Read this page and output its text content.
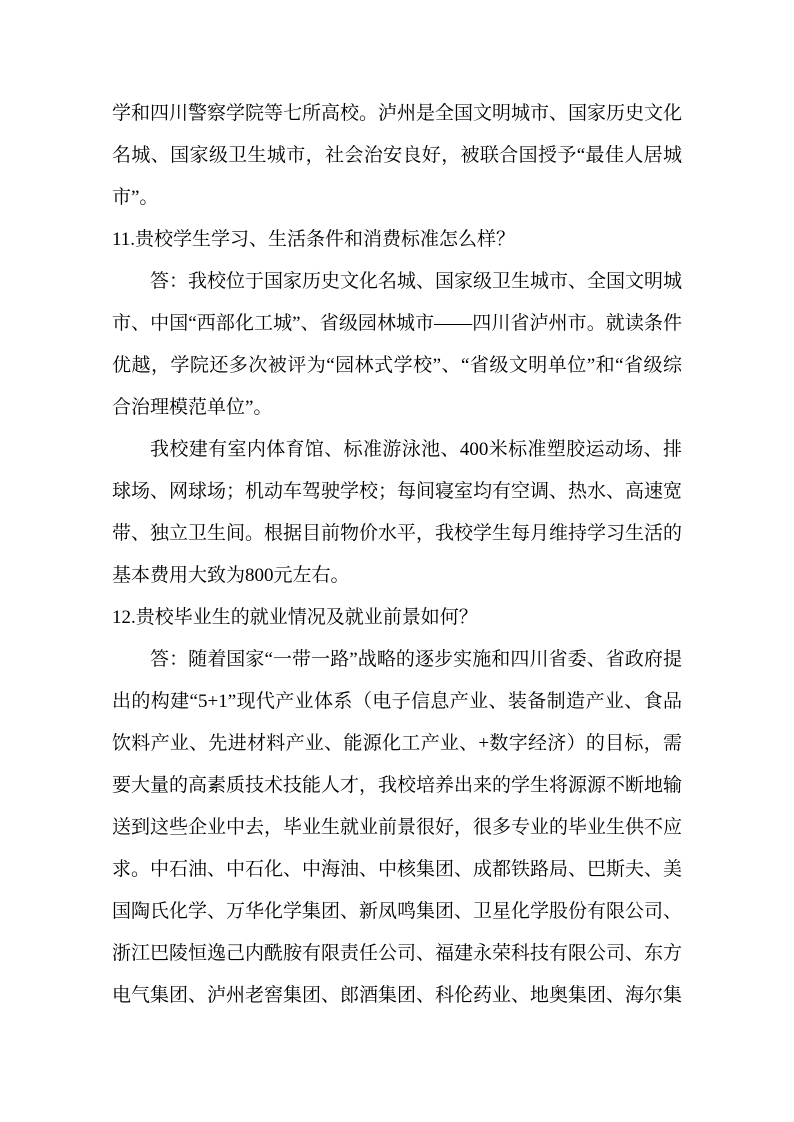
学和四川警察学院等七所高校。泸州是全国文明城市、国家历史文化名城、国家级卫生城市，社会治安良好，被联合国授予“最佳人居城市”。

11.贵校学生学习、生活条件和消费标准怎么样？

答：我校位于国家历史文化名城、国家级卫生城市、全国文明城市、中国“西部化工城”、省级园林城市——四川省泸州市。就读条件优越，学院还多次被评为“园林式学校”、“省级文明单位”和“省级综合治理模范单位”。

我校建有室内体育馆、标准游泳池、400米标准塑胶运动场、排球场、网球场；机动车驾驶学校；每间寝室均有空调、热水、高速宽带、独立卫生间。根据目前物价水平，我校学生每月维持学习生活的基本费用大致为800元左右。

12.贵校毕业生的就业情况及就业前景如何？

答：随着国家“一带一路”战略的逐步实施和四川省委、省政府提出的构建“5+1”现代产业体系（电子信息产业、装备制造产业、食品饮料产业、先进材料产业、能源化工产业、+数字经济）的目标，需要大量的高素质技术技能人才，我校培养出来的学生将源源不断地输送到这些企业中去，毕业生就业前景很好，很多专业的毕业生供不应求。中石油、中石化、中海油、中核集团、成都铁路局、巴斯夫、美国陶氏化学、万华化学集团、新凤鸣集团、卫星化学股份有限公司、浙江巴陵恒逸己内酰胺有限责任公司、福建永荣科技有限公司、东方电气集团、泸州老窖集团、郎酒集团、科伦药业、地奥集团、海尔集
